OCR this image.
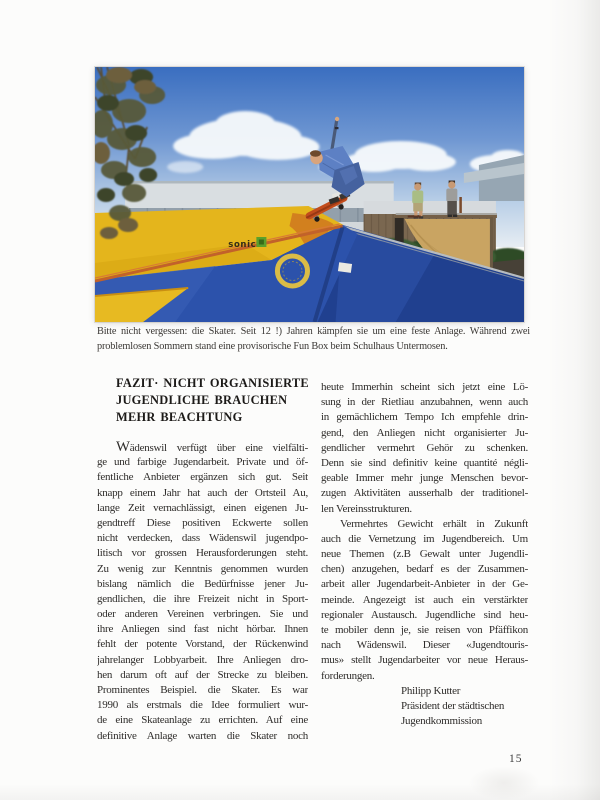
sonic

Bitte nicht vergessen: die Skater. Seit 12 !) Jahren kämpfen sie um eine feste Anlage. Während zwei problemlosen Sommern stand eine provisorische Fun Box beim Schulhaus Untermosen.

FAZIT· NICHT ORGANISIERTE
JUGENDLICHE BRAUCHEN
MEHR BEACHTUNG
Wädenswil verfügt über eine vielfälti-
ge und farbige Jugendarbeit. Private und öf-
fentliche Anbieter ergänzen sich gut. Seit
knapp einem Jahr hat auch der Ortsteil Au,
lange Zeit vernachlässigt, einen eigenen Ju-
gendtreff Diese positiven Eckwerte sollen
nicht verdecken, dass Wädenswil jugendpo-
litisch vor grossen Herausforderungen steht.
Zu wenig zur Kenntnis genommen wurden
bislang nämlich die Bedürfnisse jener Ju-
gendlichen, die ihre Freizeit nicht in Sport-
oder anderen Vereinen verbringen. Sie und
ihre Anliegen sind fast nicht hörbar. Ihnen
fehlt der potente Vorstand, der Rückenwind
jahrelanger Lobbyarbeit. Ihre Anliegen dro-
hen darum oft auf der Strecke zu bleiben.
Prominentes Beispiel. die Skater. Es war
1990 als erstmals die Idee formuliert wur-
de eine Skateanlage zu errichten. Auf eine
definitive Anlage warten die Skater noch
heute Immerhin scheint sich jetzt eine Lö-
sung in der Rietliau anzubahnen, wenn auch
in gemächlichem Tempo Ich empfehle drin-
gend, den Anliegen nicht organisierter Ju-
gendlicher vermehrt Gehör zu schenken.
Denn sie sind definitiv keine quantité négli-
geable Immer mehr junge Menschen bevor-
zugen Aktivitäten ausserhalb der traditionel-
len Vereinsstrukturen.
Vermehrtes Gewicht erhält in Zukunft
auch die Vernetzung im Jugendbereich. Um
neue Themen (z.B Gewalt unter Jugendli-
chen) anzugehen, bedarf es der Zusammen-
arbeit aller Jugendarbeit-Anbieter in der Ge-
meinde. Angezeigt ist auch ein verstärkter
regionaler Austausch. Jugendliche sind heu-
te mobiler denn je, sie reisen von Pfäffikon
nach Wädenswil. Dieser «Jugendtouris-
mus» stellt Jugendarbeiter vor neue Heraus-
forderungen.
Philipp Kutter
Präsident der städtischen
Jugendkommission
15
